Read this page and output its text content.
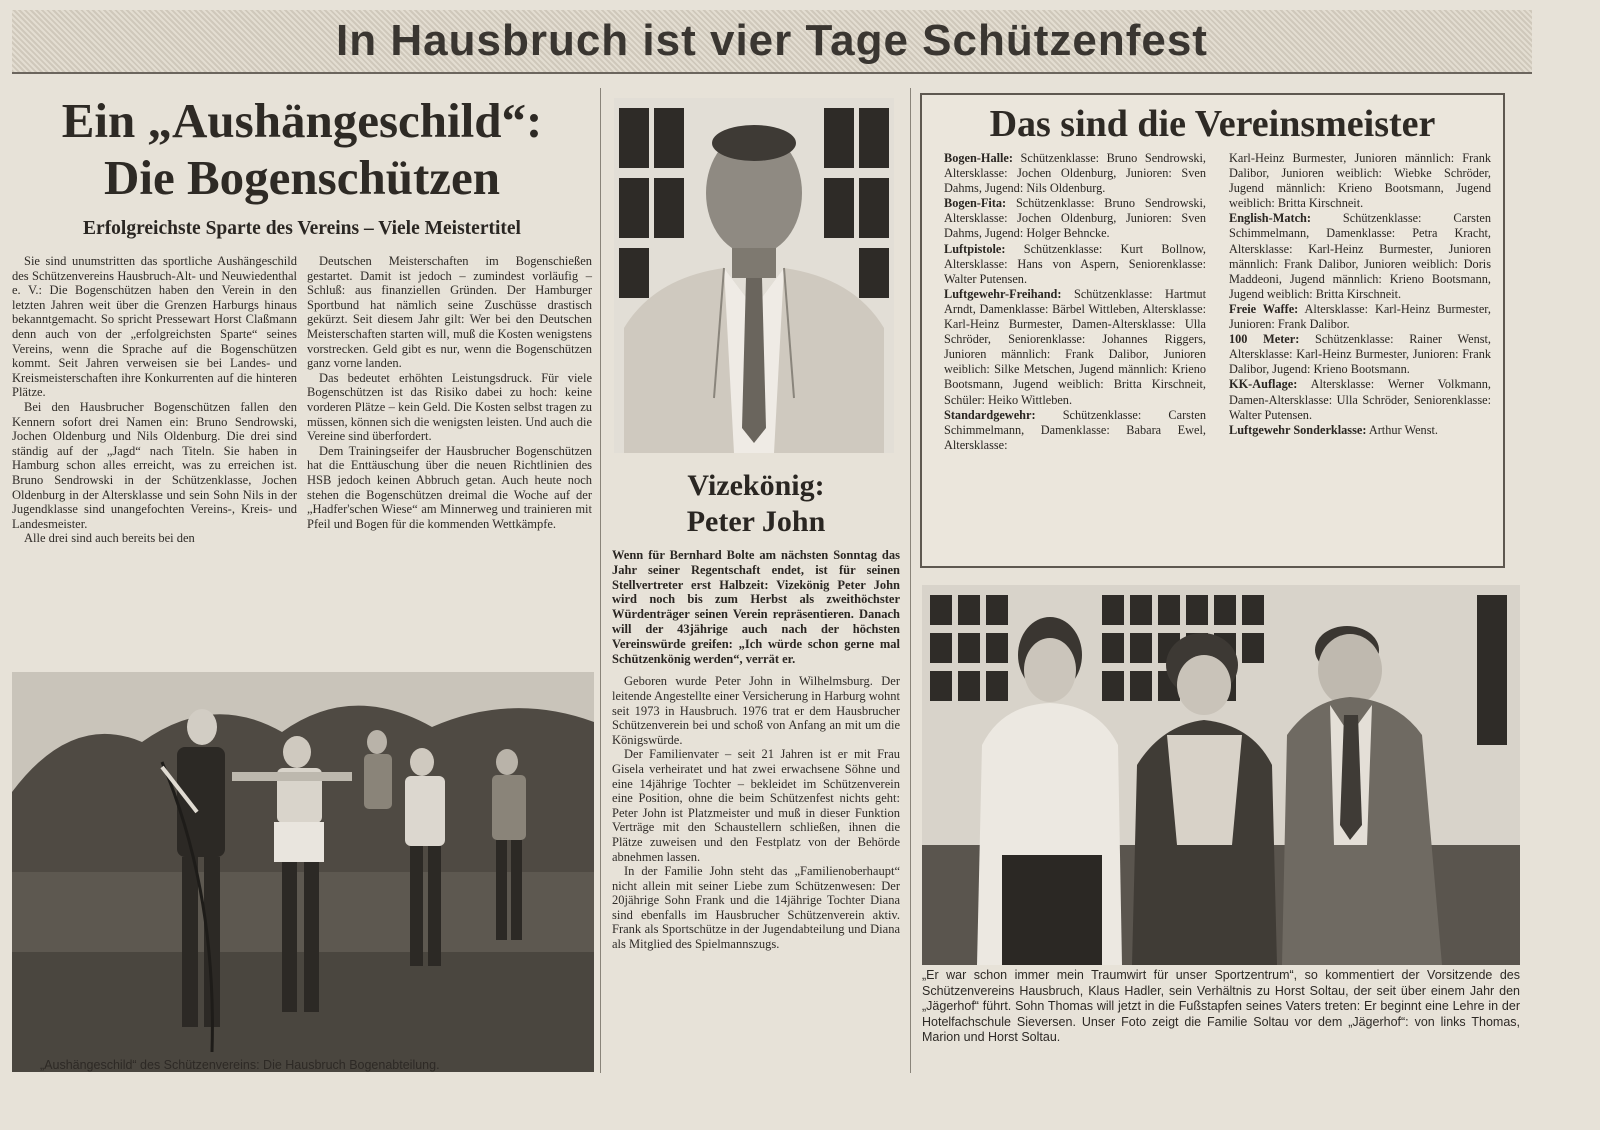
In Hausbruch ist vier Tage Schützenfest
Ein „Aushängeschild“:
Die Bogenschützen
Erfolgreichste Sparte des Vereins – Viele Meistertitel

Sie sind unumstritten das sportliche Aushängeschild des Schützenvereins Hausbruch-Alt- und Neuwiedenthal e. V.: Die Bogenschützen haben den Verein in den letzten Jahren weit über die Grenzen Harburgs hinaus bekanntgemacht. So spricht Pressewart Horst Claßmann denn auch von der „erfolgreichsten Sparte“ seines Vereins, wenn die Sprache auf die Bogenschützen kommt. Seit Jahren verweisen sie bei Landes- und Kreismeisterschaften ihre Konkurrenten auf die hinteren Plätze.

Bei den Hausbrucher Bogenschützen fallen den Kennern sofort drei Namen ein: Bruno Sendrowski, Jochen Oldenburg und Nils Oldenburg. Die drei sind ständig auf der „Jagd“ nach Titeln. Sie haben in Hamburg schon alles erreicht, was zu erreichen ist. Bruno Sendrowski in der Schützenklasse, Jochen Oldenburg in der Altersklasse und sein Sohn Nils in der Jugendklasse sind unangefochten Vereins-, Kreis- und Landesmeister.

Alle drei sind auch bereits bei den

Deutschen Meisterschaften im Bogenschießen gestartet. Damit ist jedoch – zumindest vorläufig – Schluß: aus finanziellen Gründen. Der Hamburger Sportbund hat nämlich seine Zuschüsse drastisch gekürzt. Seit diesem Jahr gilt: Wer bei den Deutschen Meisterschaften starten will, muß die Kosten wenigstens vorstrecken. Geld gibt es nur, wenn die Bogenschützen ganz vorne landen.

Das bedeutet erhöhten Leistungsdruck. Für viele Bogenschützen ist das Risiko dabei zu hoch: keine vorderen Plätze – kein Geld. Die Kosten selbst tragen zu müssen, können sich die wenigsten leisten. Und auch die Vereine sind überfordert.

Dem Trainingseifer der Hausbrucher Bogenschützen hat die Enttäuschung über die neuen Richtlinien des HSB jedoch keinen Abbruch getan. Auch heute noch stehen die Bogenschützen dreimal die Woche auf der „Hadfer'schen Wiese“ am Minnerweg und trainieren mit Pfeil und Bogen für die kommenden Wettkämpfe.

„Aushängeschild“ des Schützenvereins: Die Hausbruch Bogenabteilung.
Vizekönig:
Peter John
Wenn für Bernhard Bolte am nächsten Sonntag das Jahr seiner Regentschaft endet, ist für seinen Stellvertreter erst Halbzeit: Vizekönig Peter John wird noch bis zum Herbst als zweithöchster Würdenträger seinen Verein repräsentieren. Danach will der 43jährige auch nach der höchsten Vereinswürde greifen: „Ich würde schon gerne mal Schützenkönig werden“, verrät er.

Geboren wurde Peter John in Wilhelmsburg. Der leitende Angestellte einer Versicherung in Harburg wohnt seit 1973 in Hausbruch. 1976 trat er dem Hausbrucher Schützenverein bei und schoß von Anfang an mit um die Königswürde.

Der Familienvater – seit 21 Jahren ist er mit Frau Gisela verheiratet und hat zwei erwachsene Söhne und eine 14jährige Tochter – bekleidet im Schützenverein eine Position, ohne die beim Schützenfest nichts geht: Peter John ist Platzmeister und muß in dieser Funktion Verträge mit den Schaustellern schließen, ihnen die Plätze zuweisen und den Festplatz von der Behörde abnehmen lassen.

In der Familie John steht das „Familienoberhaupt“ nicht allein mit seiner Liebe zum Schützenwesen: Der 20jährige Sohn Frank und die 14jährige Tochter Diana sind ebenfalls im Hausbrucher Schützenverein aktiv. Frank als Sportschütze in der Jugendabteilung und Diana als Mitglied des Spielmannszugs.

Das sind die Vereinsmeister

Bogen-Halle: Schützenklasse: Bruno Sendrowski, Altersklasse: Jochen Oldenburg, Junioren: Sven Dahms, Jugend: Nils Oldenburg.

Bogen-Fita: Schützenklasse: Bruno Sendrowski, Altersklasse: Jochen Oldenburg, Junioren: Sven Dahms, Jugend: Holger Behncke.

Luftpistole: Schützenklasse: Kurt Bollnow, Altersklasse: Hans von Aspern, Seniorenklasse: Walter Putensen.

Luftgewehr-Freihand: Schützenklasse: Hartmut Arndt, Damenklasse: Bärbel Wittleben, Altersklasse: Karl-Heinz Burmester, Damen-Altersklasse: Ulla Schröder, Seniorenklasse: Johannes Riggers, Junioren männlich: Frank Dalibor, Junioren weiblich: Silke Metschen, Jugend männlich: Krieno Bootsmann, Jugend weiblich: Britta Kirschneit, Schüler: Heiko Wittleben.

Standardgewehr: Schützenklasse: Carsten Schimmelmann, Damenklasse: Babara Ewel, Altersklasse:

Karl-Heinz Burmester, Junioren männlich: Frank Dalibor, Junioren weiblich: Wiebke Schröder, Jugend männlich: Krieno Bootsmann, Jugend weiblich: Britta Kirschneit.

English-Match: Schützenklasse: Carsten Schimmelmann, Damenklasse: Petra Kracht, Altersklasse: Karl-Heinz Burmester, Junioren männlich: Frank Dalibor, Junioren weiblich: Doris Maddeoni, Jugend männlich: Krieno Bootsmann, Jugend weiblich: Britta Kirschneit.

Freie Waffe: Altersklasse: Karl-Heinz Burmester, Junioren: Frank Dalibor.

100 Meter: Schützenklasse: Rainer Wenst, Altersklasse: Karl-Heinz Burmester, Junioren: Frank Dalibor, Jugend: Krieno Bootsmann.

KK-Auflage: Altersklasse: Werner Volkmann, Damen-Altersklasse: Ulla Schröder, Seniorenklasse: Walter Putensen.

Luftgewehr Sonderklasse: Arthur Wenst.

„Er war schon immer mein Traumwirt für unser Sportzentrum“, so kommentiert der Vorsitzende des Schützenvereins Hausbruch, Klaus Hadler, sein Verhältnis zu Horst Soltau, der seit über einem Jahr den „Jägerhof“ führt. Sohn Thomas will jetzt in die Fußstapfen seines Vaters treten: Er beginnt eine Lehre in der Hotelfachschule Sieversen. Unser Foto zeigt die Familie Soltau vor dem „Jägerhof“: von links Thomas, Marion und Horst Soltau.
